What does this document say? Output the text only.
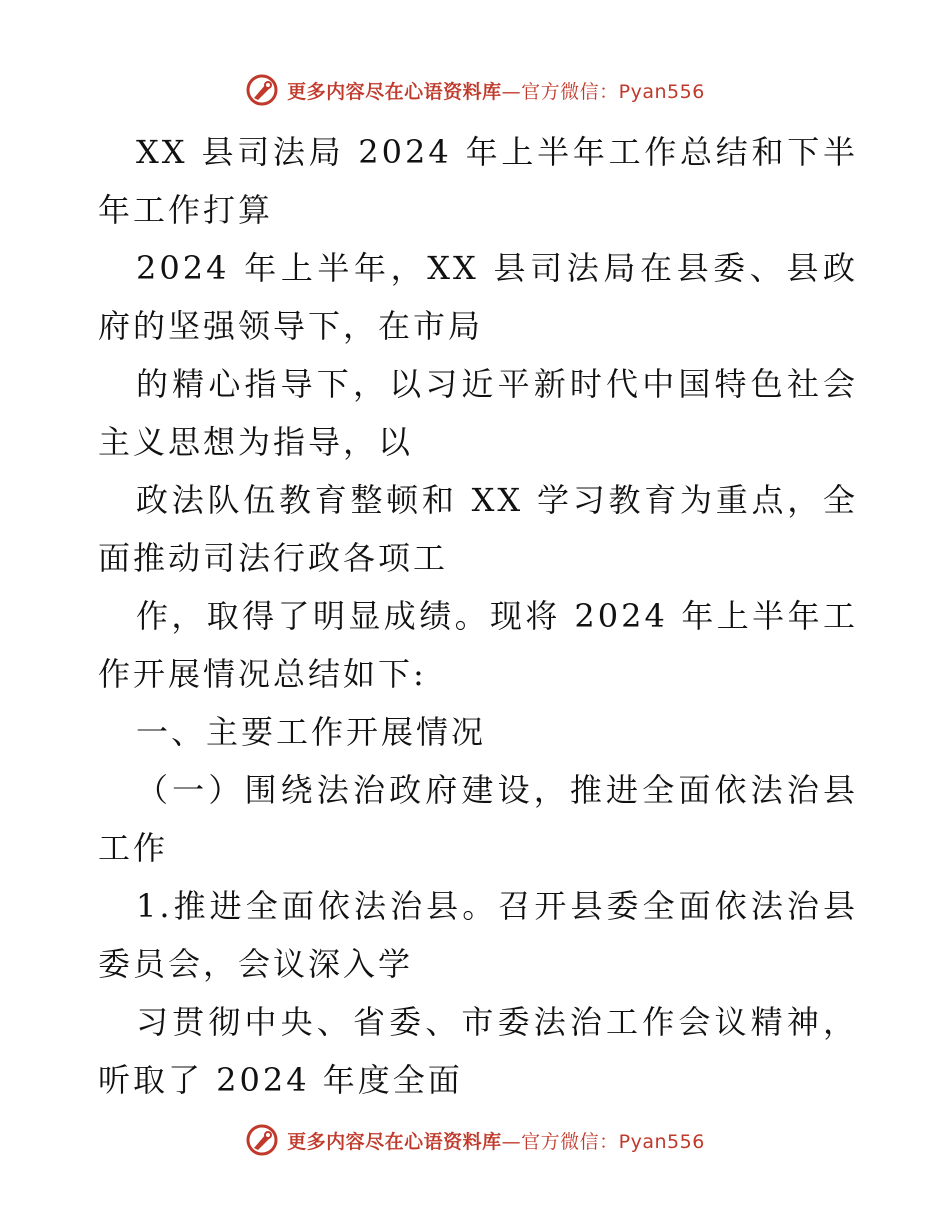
更多内容尽在心语资料库—官方微信：Pyan556

XX 县司法局 2024 年上半年工作总结和下半年工作打算

2024 年上半年，XX 县司法局在县委、县政府的坚强领导下，在市局

的精心指导下，以习近平新时代中国特色社会主义思想为指导，以

政法队伍教育整顿和 XX 学习教育为重点，全面推动司法行政各项工

作，取得了明显成绩。现将 2024 年上半年工作开展情况总结如下:

一、主要工作开展情况

（一）围绕法治政府建设，推进全面依法治县工作

1.推进全面依法治县。召开县委全面依法治县委员会，会议深入学

习贯彻中央、省委、市委法治工作会议精神，听取了 2024 年度全面

更多内容尽在心语资料库—官方微信：Pyan556
